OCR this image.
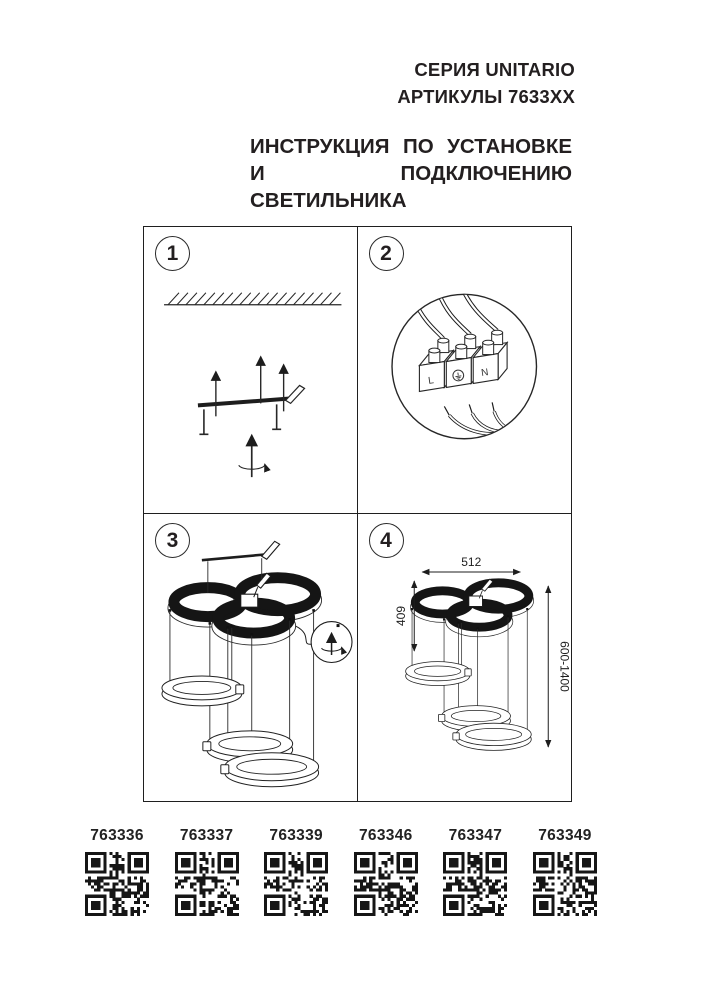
СЕРИЯ UNITARIO
АРТИКУЛЫ 7633XX
ИНСТРУКЦИЯ ПО УСТАНОВКЕ
И ПОДКЛЮЧЕНИЮ СВЕТИЛЬНИКА
1	2
L
N
3	4
512
409
600-1400
763336	763337	763339	763346	763347	763349
